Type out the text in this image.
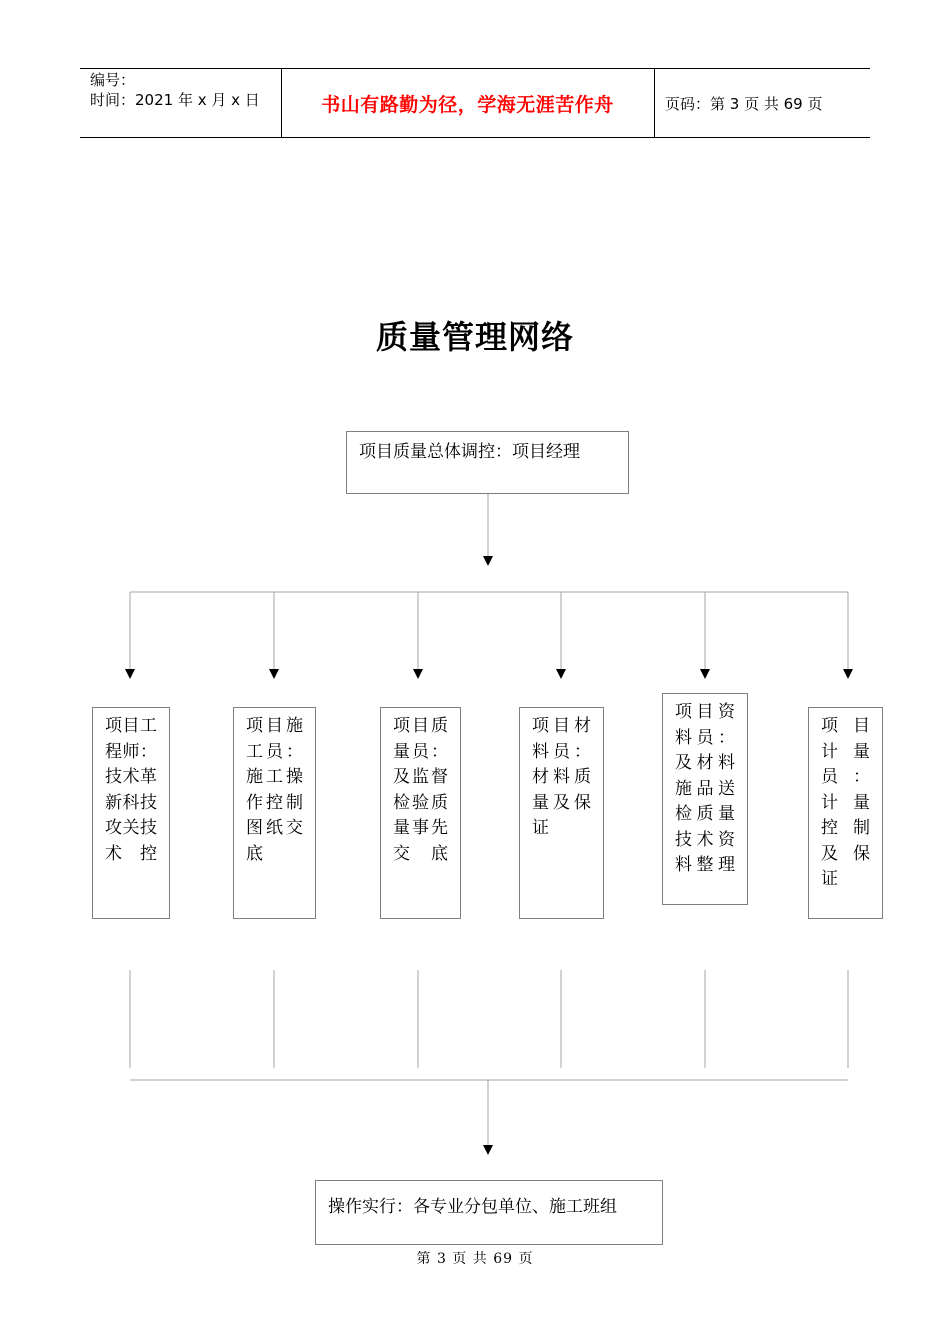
编号：
时间：2021 年 x 月 x 日	书山有路勤为径，学海无涯苦作舟	页码：第 3 页 共 69 页
质量管理网络
项目质量总体调控：项目经理
项目工程师：技术革新科技攻关技术控
项目施工员：施工操作控制图纸交底
项目质量员：及监督检验质量事先交底
项目材料员：材料质量及保证
项目资料员：及材料施品送检质量技术资料整理
项目计量员：计量控制及保证
操作实行：各专业分包单位、施工班组
第 3 页 共 69 页
